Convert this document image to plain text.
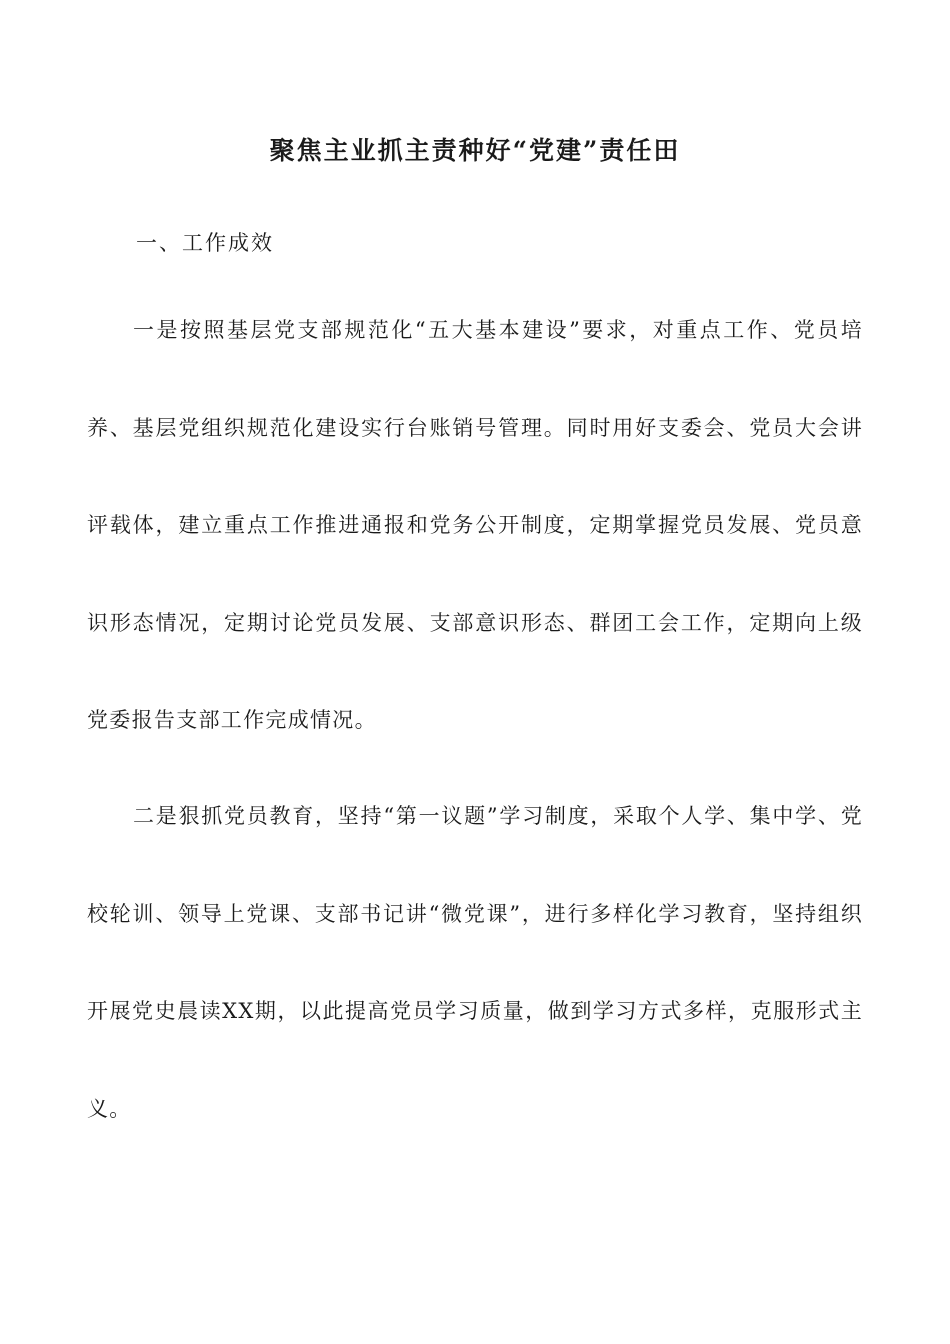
聚焦主业抓主责种好“党建”责任田

一、工作成效

一是按照基层党支部规范化“五大基本建设”要求，对重点工作、党员培养、基层党组织规范化建设实行台账销号管理。同时用好支委会、党员大会讲评载体，建立重点工作推进通报和党务公开制度，定期掌握党员发展、党员意识形态情况，定期讨论党员发展、支部意识形态、群团工会工作，定期向上级党委报告支部工作完成情况。

二是狠抓党员教育，坚持“第一议题”学习制度，采取个人学、集中学、党校轮训、领导上党课、支部书记讲“微党课”，进行多样化学习教育，坚持组织开展党史晨读XX期，以此提高党员学习质量，做到学习方式多样，克服形式主义。
